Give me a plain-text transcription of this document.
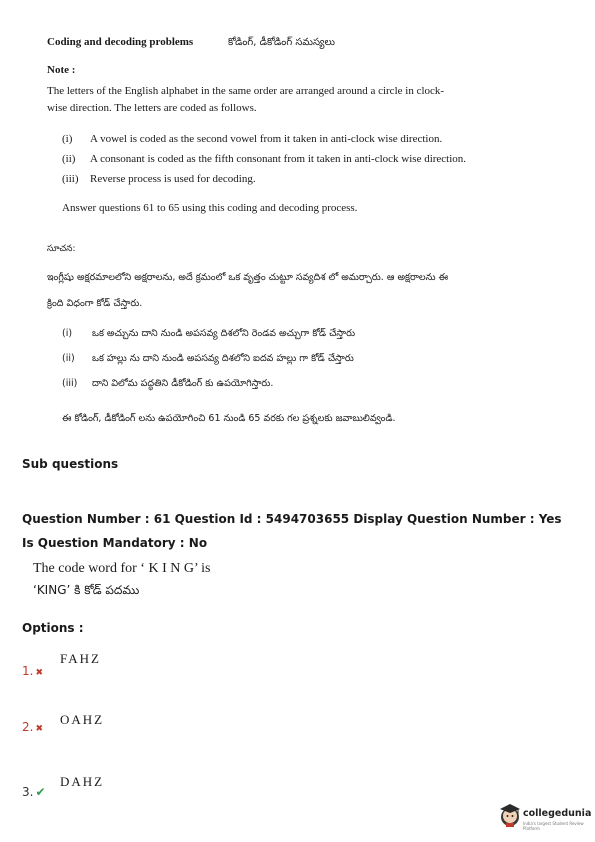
Coding and decoding problems	కోడింగ్, డీకోడింగ్ సమస్యలు
Note :
The letters of the English alphabet in the same order are arranged around a circle in clock-wise direction. The letters are coded as follows.
(i) A vowel is coded as the second vowel from it taken in anti-clock wise direction.
(ii) A consonant is coded as the fifth consonant from it taken in anti-clock wise direction.
(iii) Reverse process is used for decoding.
Answer questions 61 to 65 using this coding and decoding process.
సూచన:
ఇంగ్లీషు అక్షరమాలలోని అక్షరాలను, అదే క్రమంలో ఒక వృత్తం చుట్టూ సవ్యదిశ లో అమర్చారు. ఆ అక్షరాలను ఈ క్రింది విధంగా కోడ్ చేస్తారు.
(i) ఒక అచ్చును దాని నుండి అపసవ్య దిశలోని రెండవ అచ్చుగా కోడ్ చేస్తారు
(ii) ఒక హల్లు ను దాని నుండి అపసవ్య దిశలోని ఐదవ హల్లు గా కోడ్ చేస్తారు
(iii) దాని విలోమ పద్ధతిని డీకోడింగ్ కు ఉపయోగిస్తారు.
ఈ కోడింగ్, డీకోడింగ్ లను ఉపయోగించి 61 నుండి 65 వరకు గల ప్రశ్నలకు జవాబులివ్వండి.
Sub questions
Question Number : 61 Question Id : 5494703655 Display Question Number : Yes Is Question Mandatory : No
The code word for ‘ K I N G’ is
‘KING’ కి కోడ్ పదము
Options :
1. ✖
FAHZ
2. ✖
OAHZ
3. ✔
DAHZ
collegedunia
India's largest Student Review Platform
